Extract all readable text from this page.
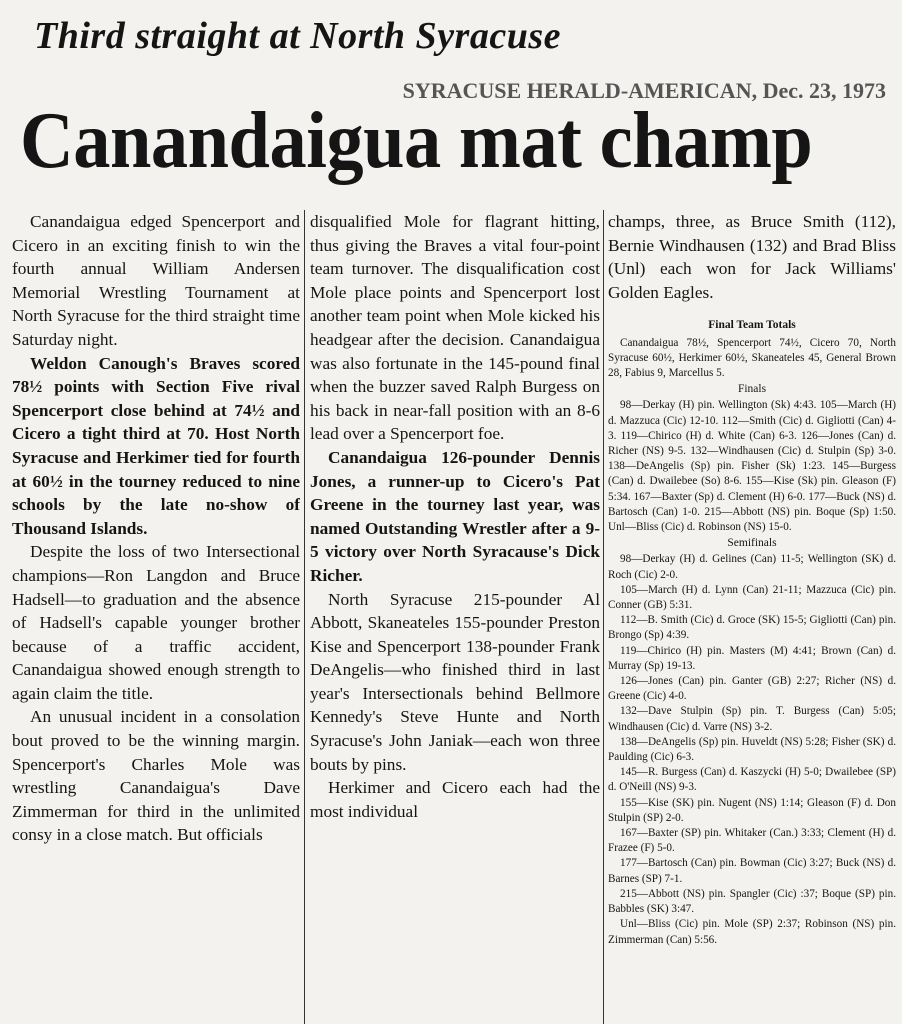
Third straight at North Syracuse
SYRACUSE HERALD-AMERICAN, Dec. 23, 1973
Canandaigua mat champ

Canandaigua edged Spencerport and Cicero in an exciting finish to win the fourth annual William Andersen Memorial Wrestling Tournament at North Syracuse for the third straight time Saturday night.

Weldon Canough's Braves scored 78½ points with Section Five rival Spencerport close behind at 74½ and Cicero a tight third at 70. Host North Syracuse and Herkimer tied for fourth at 60½ in the tourney reduced to nine schools by the late no-show of Thousand Islands.

Despite the loss of two Intersectional champions—Ron Langdon and Bruce Hadsell—to graduation and the absence of Hadsell's capable younger brother because of a traffic accident, Canandaigua showed enough strength to again claim the title.

An unusual incident in a consolation bout proved to be the winning margin. Spencerport's Charles Mole was wrestling Canandaigua's Dave Zimmerman for third in the unlimited consy in a close match. But officials

disqualified Mole for flagrant hitting, thus giving the Braves a vital four-point team turnover. The disqualification cost Mole place points and Spencerport lost another team point when Mole kicked his headgear after the decision. Canandaigua was also fortunate in the 145-pound final when the buzzer saved Ralph Burgess on his back in near-fall position with an 8-6 lead over a Spencerport foe.

Canandaigua 126-pounder Dennis Jones, a runner-up to Cicero's Pat Greene in the tourney last year, was named Outstanding Wrestler after a 9-5 victory over North Syracause's Dick Richer.

North Syracuse 215-pounder Al Abbott, Skaneateles 155-pounder Preston Kise and Spencerport 138-pounder Frank DeAngelis—who finished third in last year's Intersectionals behind Bellmore Kennedy's Steve Hunte and North Syracuse's John Janiak—each won three bouts by pins.

Herkimer and Cicero each had the most individual

champs, three, as Bruce Smith (112), Bernie Windhausen (132) and Brad Bliss (Unl) each won for Jack Williams' Golden Eagles.

Final Team Totals
Canandaigua 78½, Spencerport 74½, Cicero 70, North Syracuse 60½, Herkimer 60½, Skaneateles 45, General Brown 28, Fabius 9, Marcellus 5.
Finals
98—Derkay (H) pin. Wellington (Sk) 4:43. 105—March (H) d. Mazzuca (Cic) 12-10. 112—Smith (Cic) d. Gigliotti (Can) 4-3. 119—Chirico (H) d. White (Can) 6-3. 126—Jones (Can) d. Richer (NS) 9-5. 132—Windhausen (Cic) d. Stulpin (Sp) 3-0. 138—DeAngelis (Sp) pin. Fisher (Sk) 1:23. 145—Burgess (Can) d. Dwailebee (So) 8-6. 155—Kise (Sk) pin. Gleason (F) 5:34. 167—Baxter (Sp) d. Clement (H) 6-0. 177—Buck (NS) d. Bartosch (Can) 1-0. 215—Abbott (NS) pin. Boque (Sp) 1:50. Unl—Bliss (Cic) d. Robinson (NS) 15-0.
Semifinals
98—Derkay (H) d. Gelines (Can) 11-5; Wellington (SK) d. Roch (Cic) 2-0.
105—March (H) d. Lynn (Can) 21-11; Mazzuca (Cic) pin. Conner (GB) 5:31.
112—B. Smith (Cic) d. Groce (SK) 15-5; Gigliotti (Can) pin. Brongo (Sp) 4:39.
119—Chirico (H) pin. Masters (M) 4:41; Brown (Can) d. Murray (Sp) 19-13.
126—Jones (Can) pin. Ganter (GB) 2:27; Richer (NS) d. Greene (Cic) 4-0.
132—Dave Stulpin (Sp) pin. T. Burgess (Can) 5:05; Windhausen (Cic) d. Varre (NS) 3-2.
138—DeAngelis (Sp) pin. Huveldt (NS) 5:28; Fisher (SK) d. Paulding (Cic) 6-3.
145—R. Burgess (Can) d. Kaszycki (H) 5-0; Dwailebee (SP) d. O'Neill (NS) 9-3.
155—Kise (SK) pin. Nugent (NS) 1:14; Gleason (F) d. Don Stulpin (SP) 2-0.
167—Baxter (SP) pin. Whitaker (Can.) 3:33; Clement (H) d. Frazee (F) 5-0.
177—Bartosch (Can) pin. Bowman (Cic) 3:27; Buck (NS) d. Barnes (SP) 7-1.
215—Abbott (NS) pin. Spangler (Cic) :37; Boque (SP) pin. Babbles (SK) 3:47.
Unl—Bliss (Cic) pin. Mole (SP) 2:37; Robinson (NS) pin. Zimmerman (Can) 5:56.
